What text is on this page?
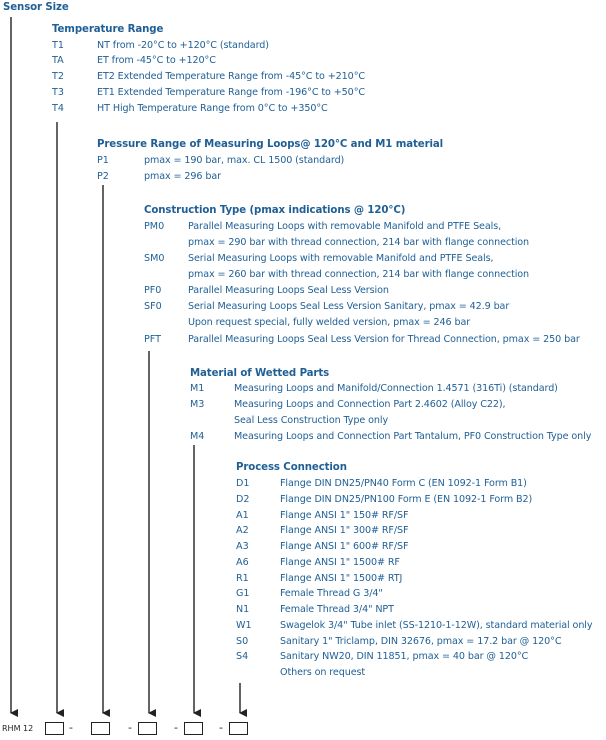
Sensor Size
Temperature Range
T1	NT from -20°C to +120°C (standard)
TA	ET from -45°C to +120°C
T2	ET2 Extended Temperature Range from -45°C to +210°C
T3	ET1 Extended Temperature Range from -196°C to +50°C
T4	HT High Temperature Range from 0°C to +350°C
Pressure Range of Measuring Loops@ 120°C and M1 material
P1	pmax = 190 bar, max. CL 1500 (standard)
P2	pmax = 296 bar
Construction Type (pmax indications @ 120°C)
PM0 Parallel Measuring Loops with removable Manifold and PTFE Seals,
pmax = 290 bar with thread connection, 214 bar with flange connection
SM0 Serial Measuring Loops with removable Manifold and PTFE Seals,
pmax = 260 bar with thread connection, 214 bar with flange connection
PF0	Parallel Measuring Loops Seal Less Version
SF0	Serial Measuring Loops Seal Less Version Sanitary, pmax = 42.9 bar
Upon request special, fully welded version, pmax = 246 bar
PFT	Parallel Measuring Loops Seal Less Version for Thread Connection, pmax = 250 bar
Material of Wetted Parts
M1	Measuring Loops and Manifold/Connection 1.4571 (316Ti) (standard)
M3	Measuring Loops and Connection Part 2.4602 (Alloy C22),
Seal Less Construction Type only
M4	Measuring Loops and Connection Part Tantalum, PF0 Construction Type only
Process Connection
D1	Flange DIN DN25/PN40 Form C (EN 1092-1 Form B1)
D2	Flange DIN DN25/PN100 Form E (EN 1092-1 Form B2)
A1	Flange ANSI 1" 150# RF/SF
A2	Flange ANSI 1" 300# RF/SF
A3	Flange ANSI 1" 600# RF/SF
A6	Flange ANSI 1" 1500# RF
R1	Flange ANSI 1" 1500# RTJ
G1	Female Thread G 3/4"
N1	Female Thread 3/4" NPT
W1	Swagelok 3/4" Tube inlet (SS-1210-1-12W), standard material only
S0	Sanitary 1" Triclamp, DIN 32676, pmax = 17.2 bar @ 120°C
S4	Sanitary NW20, DIN 11851, pmax = 40 bar @ 120°C
Others on request
RHM 12	-	-	-	-
